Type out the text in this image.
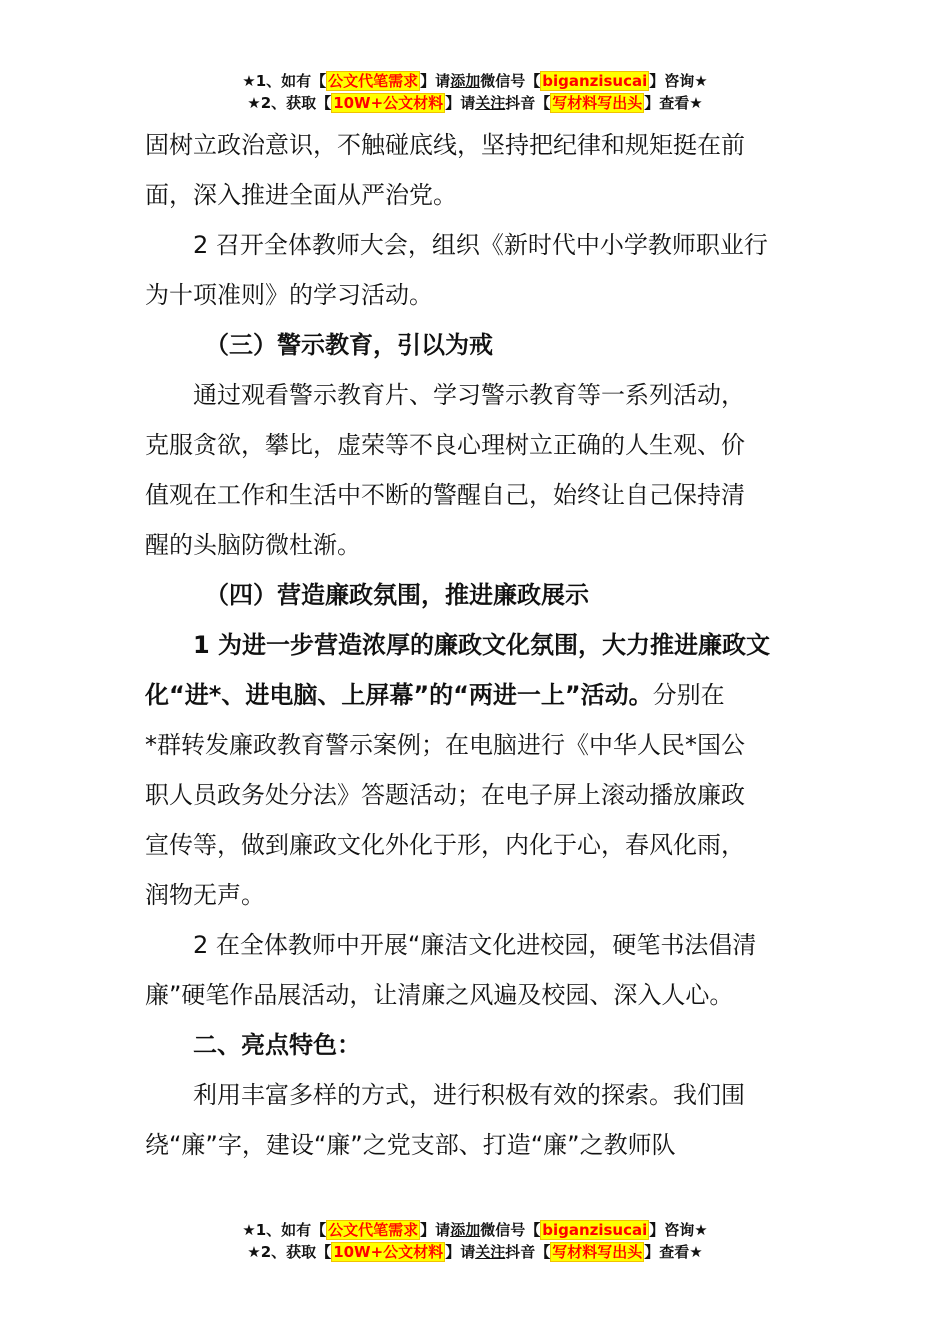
★1、如有【 公文代笔需求 】请添加微信号【 biganzisucai 】咨询★
★2、获取【 10W+公文材料 】请关注抖音【 写材料写出头 】查看★
固树立政治意识，不触碰底线，坚持把纪律和规矩挺在前
面，深入推进全面从严治党。
2 召开全体教师大会，组织《新时代中小学教师职业行
为十项准则》的学习活动。
（三）警示教育，引以为戒
通过观看警示教育片、学习警示教育等一系列活动，
克服贪欲，攀比，虚荣等不良心理树立正确的人生观、价
值观在工作和生活中不断的警醒自己，始终让自己保持清
醒的头脑防微杜渐。
（四）营造廉政氛围，推进廉政展示
1 为进一步营造浓厚的廉政文化氛围，大力推进廉政文
化“进*、进电脑、上屏幕”的“两进一上”活动。分别在
*群转发廉政教育警示案例；在电脑进行《中华人民*国公
职人员政务处分法》答题活动；在电子屏上滚动播放廉政
宣传等，做到廉政文化外化于形，内化于心，春风化雨，
润物无声。
2 在全体教师中开展“廉洁文化进校园，硬笔书法倡清
廉”硬笔作品展活动，让清廉之风遍及校园、深入人心。
二、亮点特色：
利用丰富多样的方式，进行积极有效的探索。我们围
绕“廉”字，建设“廉”之党支部、打造“廉”之教师队
★1、如有【 公文代笔需求 】请添加微信号【 biganzisucai 】咨询★
★2、获取【 10W+公文材料 】请关注抖音【 写材料写出头 】查看★
